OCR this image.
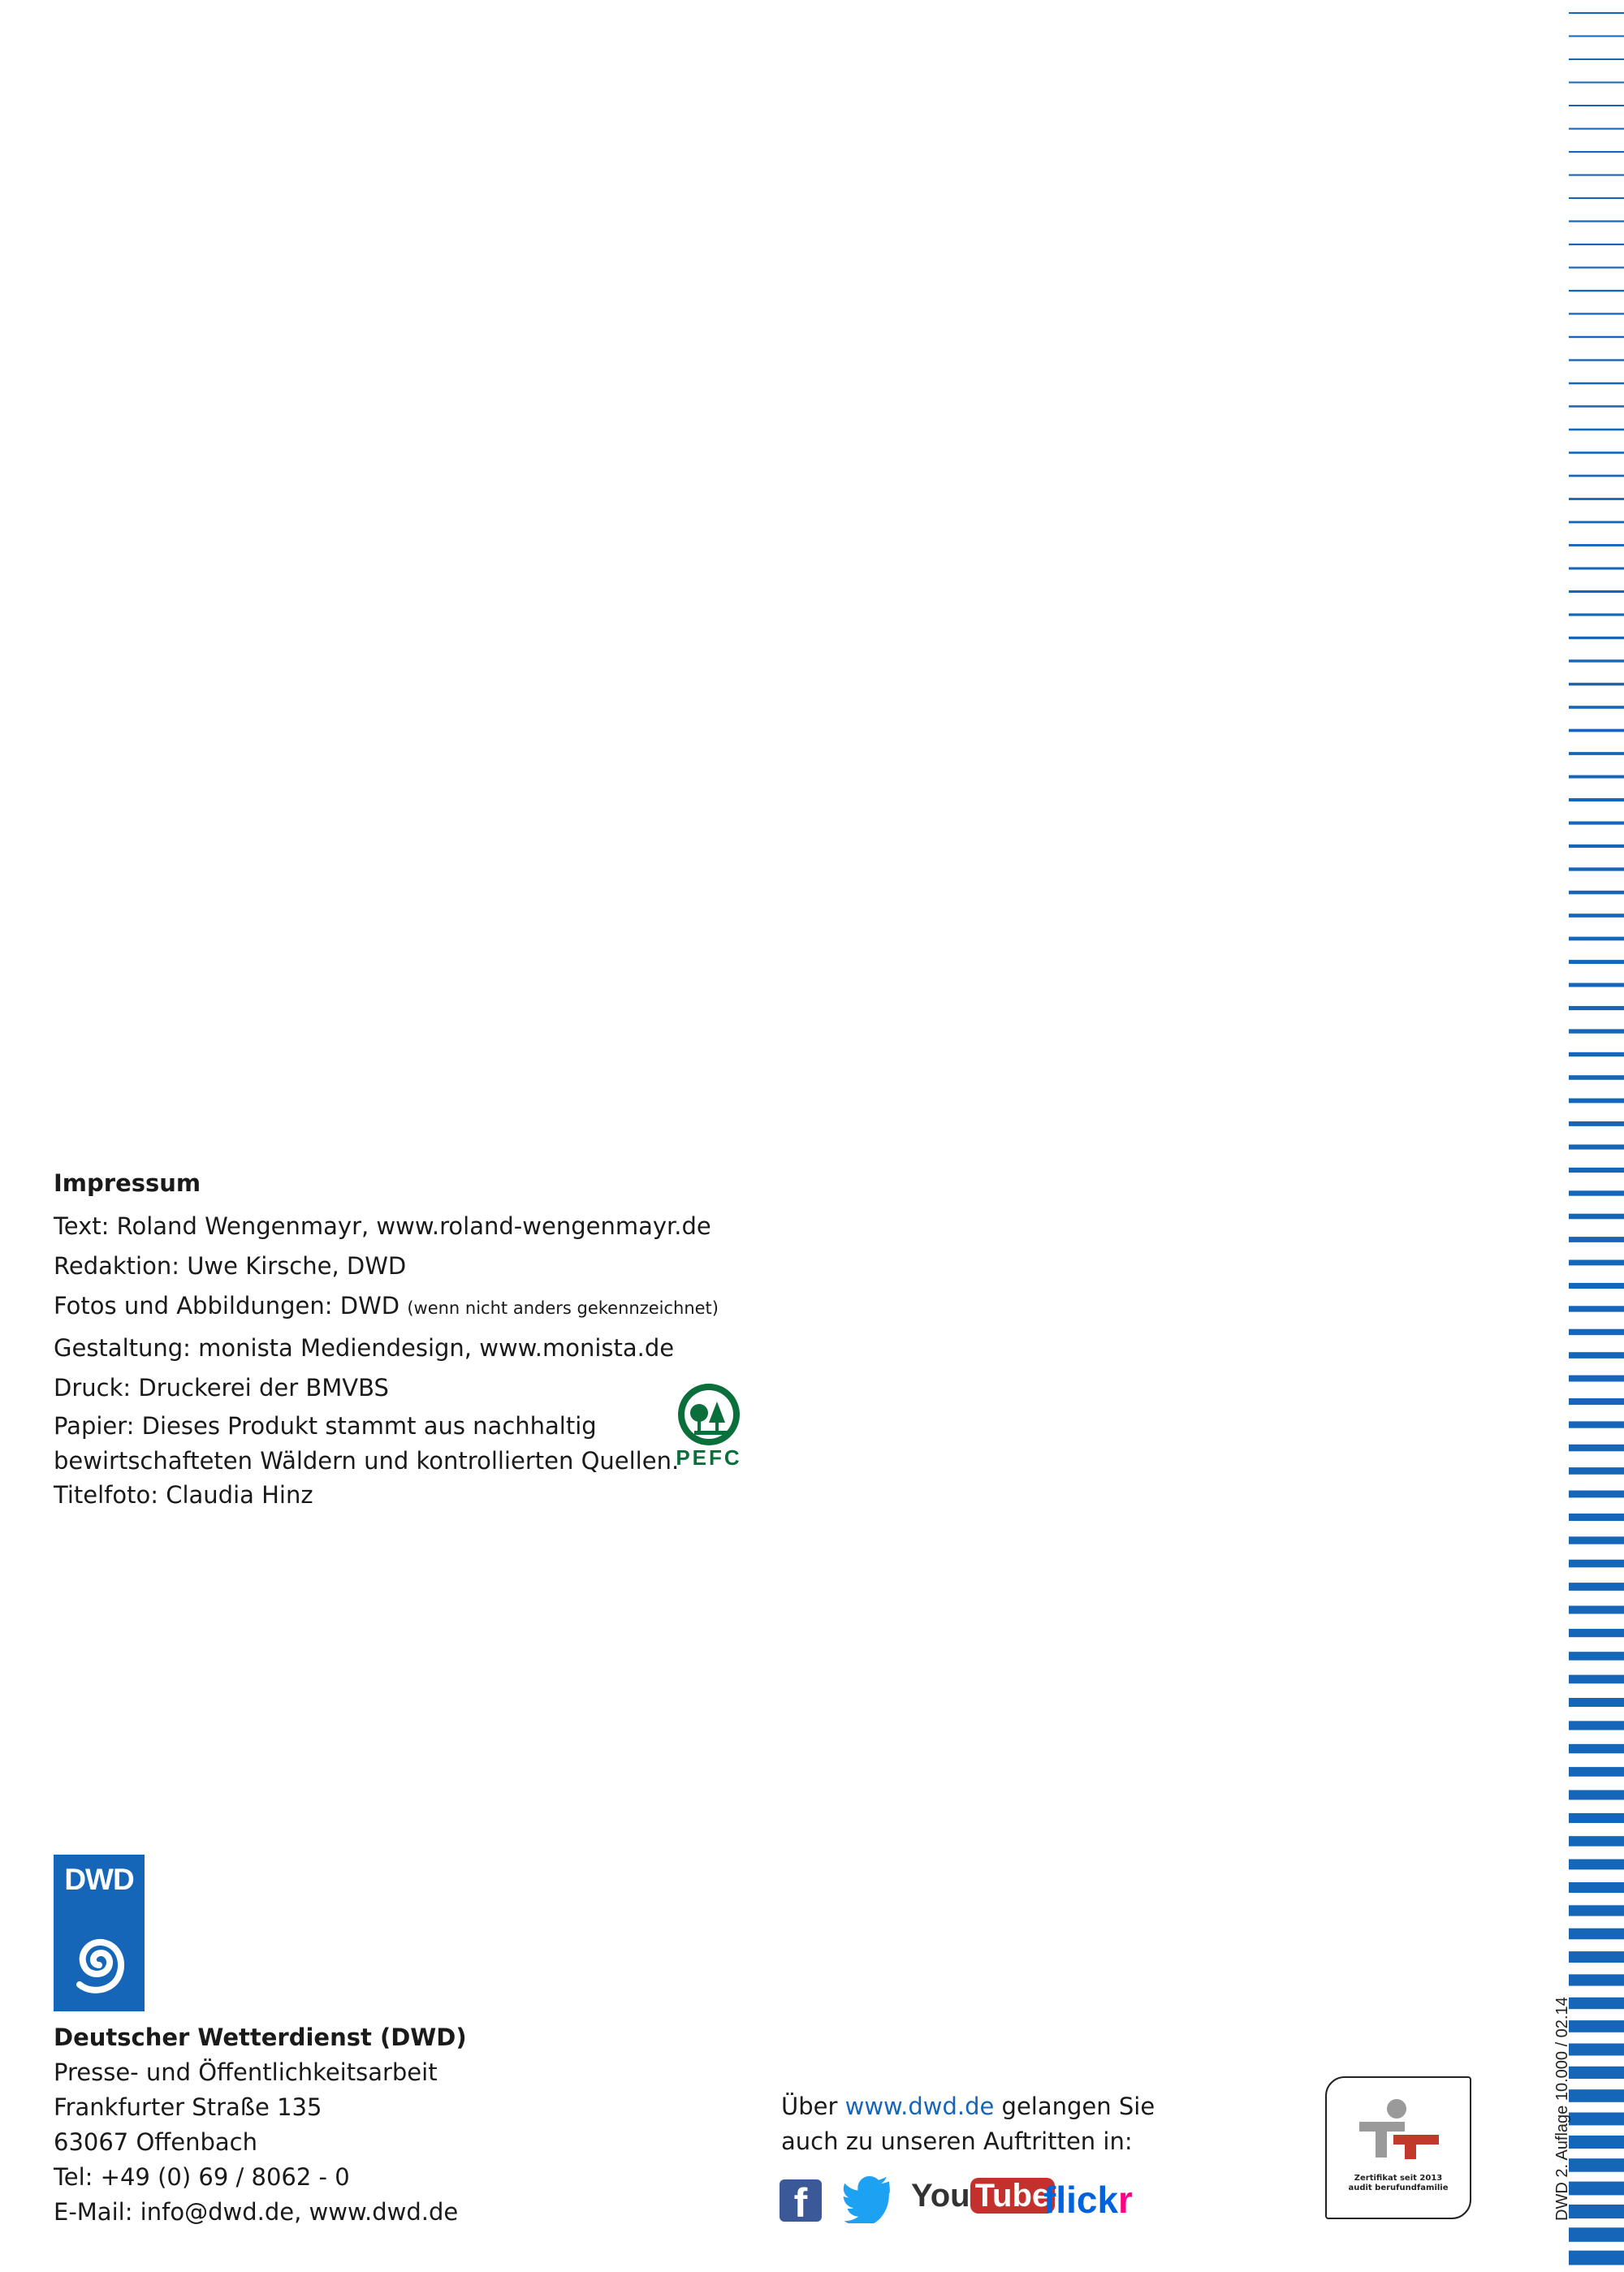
Impressum
Text: Roland Wengenmayr, www.roland-wengenmayr.de
Redaktion: Uwe Kirsche, DWD
Fotos und Abbildungen: DWD (wenn nicht anders gekennzeichnet)
Gestaltung: monista Mediendesign, www.monista.de
Druck: Druckerei der BMVBS
Papier: Dieses Produkt stammt aus nachhaltig
bewirtschafteten Wäldern und kontrollierten Quellen.
Titelfoto: Claudia Hinz
PEFC
DWD
Deutscher Wetterdienst (DWD)
Presse- und Öffentlichkeitsarbeit
Frankfurter Straße 135
63067 Offenbach
Tel: +49 (0) 69 / 8062 - 0
E-Mail: info@dwd.de, www.dwd.de
Über www.dwd.de gelangen Sie
auch zu unseren Auftritten in:
f	You Tube
flickr
Zertifikat seit 2013 audit berufundfamilie	DWD 2. Auflage 10.000 / 02.14
